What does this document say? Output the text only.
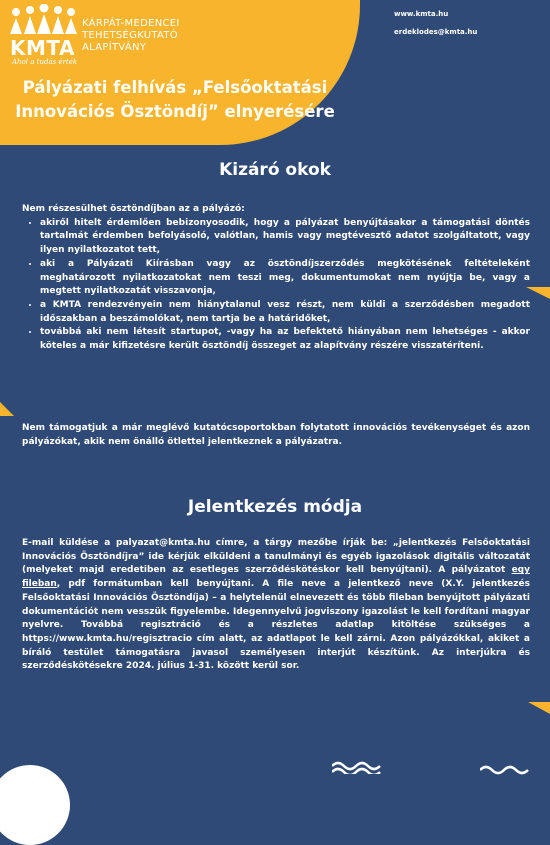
KÁRPÁT-MEDENCEI
TEHETSÉGKUTATÓ
ALAPÍTVÁNY
KMTA
Ahol a tudás érték
www.kmta.hu
erdeklodes@kmta.hu
Pályázati felhívás „Felsőoktatási
Innovációs Ösztöndíj” elnyerésére
Kizáró okok

Nem részesülhet ösztöndíjban az a pályázó:

• akiről hitelt érdemlően bebizonyosodik, hogy a pályázat benyújtásakor a támogatási döntés tartalmát érdemben befolyásoló, valótlan, hamis vagy megtévesztő adatot szolgáltatott, vagy ilyen nyilatkozatot tett,
• aki a Pályázati Kiírásban vagy az ösztöndíjszerződés megkötésének feltételeként meghatározott nyilatkozatokat nem teszi meg, dokumentumokat nem nyújtja be, vagy a megtett nyilatkozatát visszavonja,
• a KMTA rendezvényein nem hiánytalanul vesz részt, nem küldi a szerződésben megadott időszakban a beszámolókat, nem tartja be a határidőket,
• továbbá aki nem létesít startupot, -vagy ha az befektető hiányában nem lehetséges - akkor köteles a már kifizetésre került ösztöndíj összeget az alapítvány részére visszatéríteni.
Nem támogatjuk a már meglévő kutatócsoportokban folytatott innovációs tevékenységet és azon pályázókat, akik nem önálló ötlettel jelentkeznek a pályázatra.
Jelentkezés módja
E-mail küldése a palyazat@kmta.hu címre, a tárgy mezőbe írják be: „jelentkezés Felsőoktatási Innovációs Ösztöndíjra” ide kérjük elküldeni a tanulmányi és egyéb igazolások digitális változatát (melyeket majd eredetiben az esetleges szerződéskötéskor kell benyújtani). A pályázatot egy fileban, pdf formátumban kell benyújtani. A file neve a jelentkező neve (X.Y. jelentkezés Felsőoktatási Innovációs Ösztöndíja) – a helytelenül elnevezett és több fileban benyújtott pályázati dokumentációt nem vesszük figyelembe. Idegennyelvű jogviszony igazolást le kell fordítani magyar nyelvre. Továbbá regisztráció és a részletes adatlap kitöltése szükséges a https://www.kmta.hu/regisztracio cím alatt, az adatlapot le kell zárni. Azon pályázókkal, akiket a bíráló testület támogatásra javasol személyesen interjút készítünk. Az interjúkra és szerződéskötésekre 2024. július 1-31. között kerül sor.
